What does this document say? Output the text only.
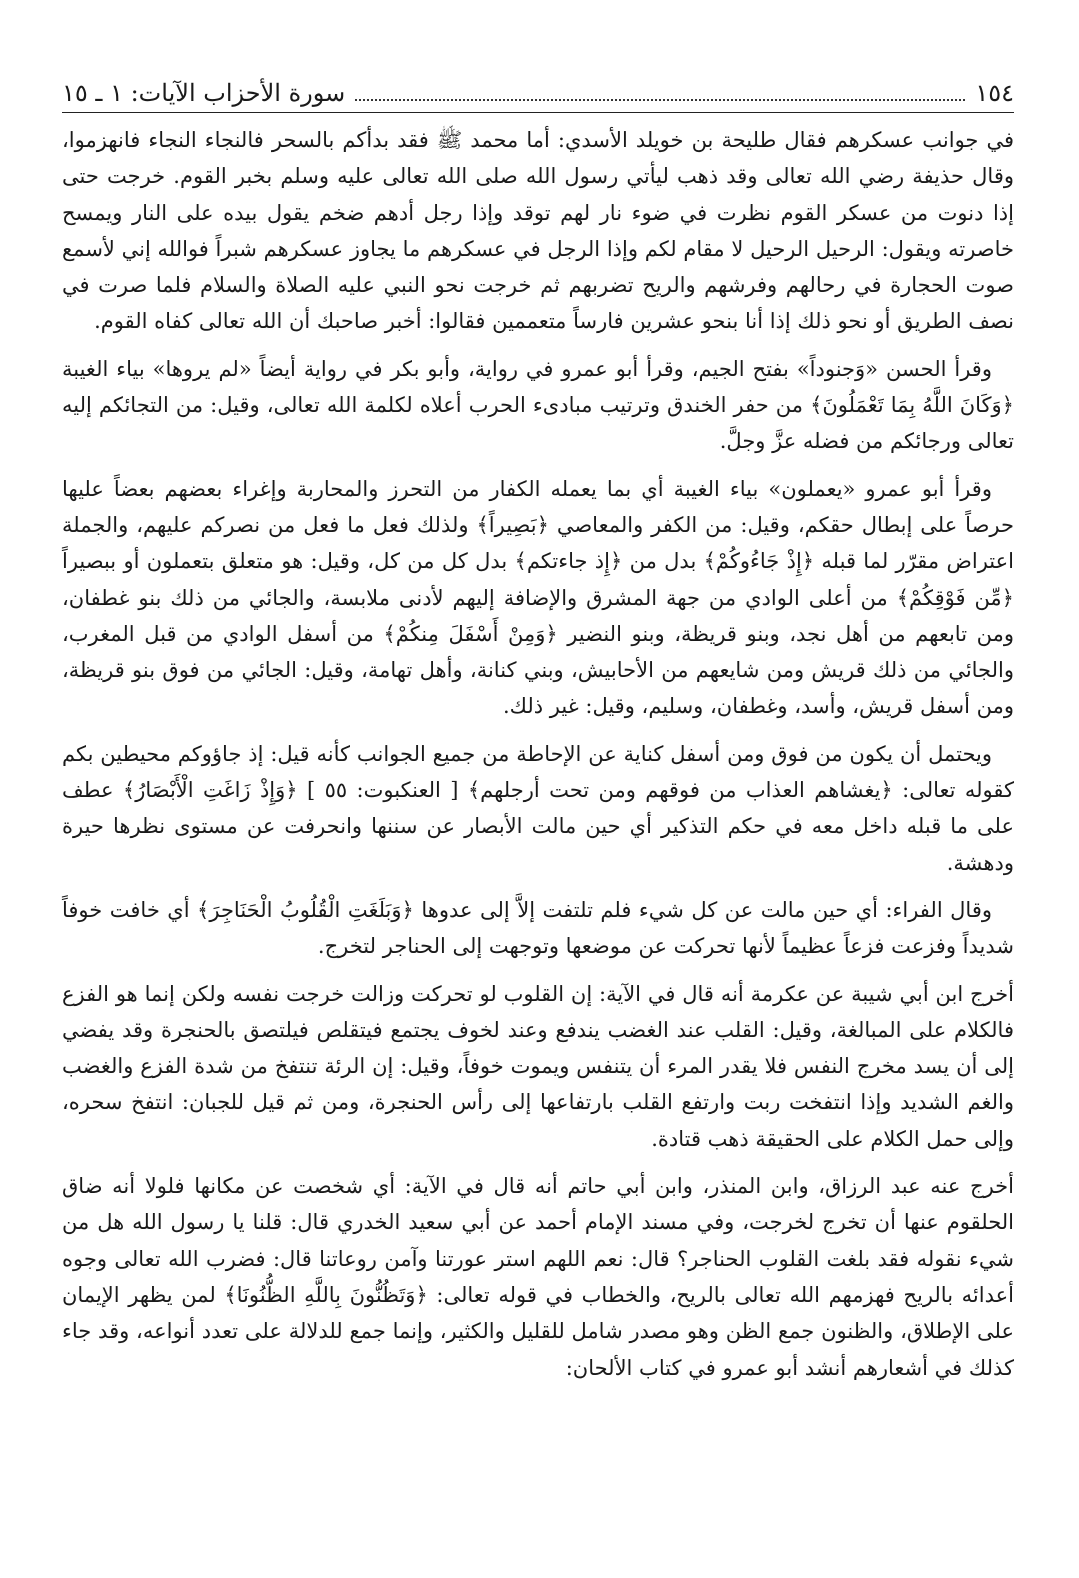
١٥٤
سورة الأحزاب الآيات: ١ ـ ١٥

في جوانب عسكرهم فقال طليحة بن خويلد الأسدي: أما محمد ﷺ فقد بدأكم بالسحر فالنجاء النجاء فانهزموا، وقال حذيفة رضي الله تعالى وقد ذهب ليأتي رسول الله صلى الله تعالى عليه وسلم بخبر القوم. خرجت حتى إذا دنوت من عسكر القوم نظرت في ضوء نار لهم توقد وإذا رجل أدهم ضخم يقول بيده على النار ويمسح خاصرته ويقول: الرحيل الرحيل لا مقام لكم وإذا الرجل في عسكرهم ما يجاوز عسكرهم شبراً فوالله إني لأسمع صوت الحجارة في رحالهم وفرشهم والريح تضربهم ثم خرجت نحو النبي عليه الصلاة والسلام فلما صرت في نصف الطريق أو نحو ذلك إذا أنا بنحو عشرين فارساً متعممين فقالوا: أخبر صاحبك أن الله تعالى كفاه القوم.

وقرأ الحسن «وَجنوداً» بفتح الجيم، وقرأ أبو عمرو في رواية، وأبو بكر في رواية أيضاً «لم يروها» بياء الغيبة ﴿وَكَانَ اللَّهُ بِمَا تَعْمَلُونَ﴾ من حفر الخندق وترتيب مبادىء الحرب أعلاه لكلمة الله تعالى، وقيل: من التجائكم إليه تعالى ورجائكم من فضله عزَّ وجلَّ.

وقرأ أبو عمرو «يعملون» بياء الغيبة أي بما يعمله الكفار من التحرز والمحاربة وإغراء بعضهم بعضاً عليها حرصاً على إبطال حقكم، وقيل: من الكفر والمعاصي ﴿بَصِيراً﴾ ولذلك فعل ما فعل من نصركم عليهم، والجملة اعتراض مقرّر لما قبله ﴿إِذْ جَاءُوكُمْ﴾ بدل من ﴿إِذ جاءتكم﴾ بدل كل من كل، وقيل: هو متعلق بتعملون أو ببصيراً ﴿مِّن فَوْقِكُمْ﴾ من أعلى الوادي من جهة المشرق والإضافة إليهم لأدنى ملابسة، والجائي من ذلك بنو غطفان، ومن تابعهم من أهل نجد، وبنو قريظة، وبنو النضير ﴿وَمِنْ أَسْفَلَ مِنكُمْ﴾ من أسفل الوادي من قبل المغرب، والجائي من ذلك قريش ومن شايعهم من الأحابيش، وبني كنانة، وأهل تهامة، وقيل: الجائي من فوق بنو قريظة، ومن أسفل قريش، وأسد، وغطفان، وسليم، وقيل: غير ذلك.

ويحتمل أن يكون من فوق ومن أسفل كناية عن الإحاطة من جميع الجوانب كأنه قيل: إذ جاؤوكم محيطين بكم كقوله تعالى: ﴿يغشاهم العذاب من فوقهم ومن تحت أرجلهم﴾ [ العنكبوت: ٥٥ ] ﴿وَإِذْ زَاغَتِ الْأَبْصَارُ﴾ عطف على ما قبله داخل معه في حكم التذكير أي حين مالت الأبصار عن سننها وانحرفت عن مستوى نظرها حيرة ودهشة.

وقال الفراء: أي حين مالت عن كل شيء فلم تلتفت إلاَّ إلى عدوها ﴿وَبَلَغَتِ الْقُلُوبُ الْحَنَاجِرَ﴾ أي خافت خوفاً شديداً وفزعت فزعاً عظيماً لأنها تحركت عن موضعها وتوجهت إلى الحناجر لتخرج.

أخرج ابن أبي شيبة عن عكرمة أنه قال في الآية: إن القلوب لو تحركت وزالت خرجت نفسه ولكن إنما هو الفزع فالكلام على المبالغة، وقيل: القلب عند الغضب يندفع وعند لخوف يجتمع فيتقلص فيلتصق بالحنجرة وقد يفضي إلى أن يسد مخرج النفس فلا يقدر المرء أن يتنفس ويموت خوفاً، وقيل: إن الرئة تنتفخ من شدة الفزع والغضب والغم الشديد وإذا انتفخت ربت وارتفع القلب بارتفاعها إلى رأس الحنجرة، ومن ثم قيل للجبان: انتفخ سحره، وإلى حمل الكلام على الحقيقة ذهب قتادة.

أخرج عنه عبد الرزاق، وابن المنذر، وابن أبي حاتم أنه قال في الآية: أي شخصت عن مكانها فلولا أنه ضاق الحلقوم عنها أن تخرج لخرجت، وفي مسند الإمام أحمد عن أبي سعيد الخدري قال: قلنا يا رسول الله هل من شيء نقوله فقد بلغت القلوب الحناجر؟ قال: نعم اللهم استر عورتنا وآمن روعاتنا قال: فضرب الله تعالى وجوه أعدائه بالريح فهزمهم الله تعالى بالريح، والخطاب في قوله تعالى: ﴿وَتَظُنُّونَ بِاللَّهِ الظُّنُونَا﴾ لمن يظهر الإيمان على الإطلاق، والظنون جمع الظن وهو مصدر شامل للقليل والكثير، وإنما جمع للدلالة على تعدد أنواعه، وقد جاء كذلك في أشعارهم أنشد أبو عمرو في كتاب الألحان:
